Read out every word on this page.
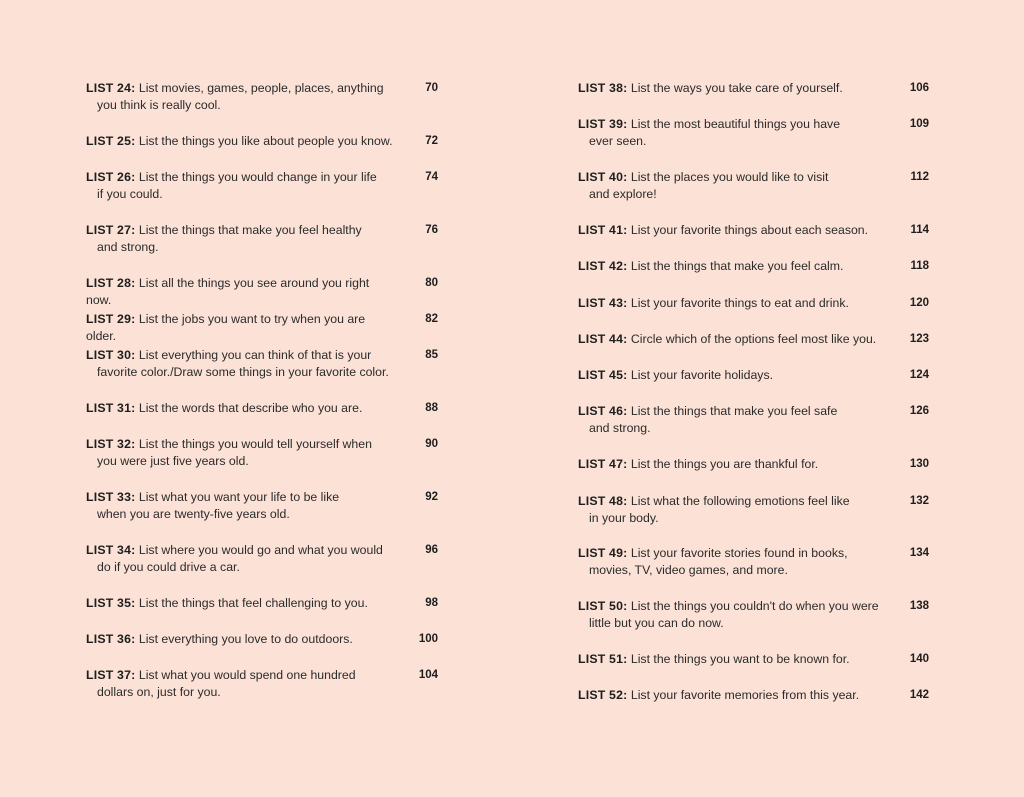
LIST 24: List movies, games, people, places, anything
you think is really cool.
70
LIST 25: List the things you like about people you know.	72
LIST 26: List the things you would change in your life
if you could.
74
LIST 27: List the things that make you feel healthy
and strong.
76
LIST 28: List all the things you see around you right now.
80
LIST 29: List the jobs you want to try when you are older.
82
LIST 30: List everything you can think of that is your
favorite color./Draw some things in your favorite color.
85
LIST 31: List the words that describe who you are.	88
LIST 32: List the things you would tell yourself when
you were just five years old.
90
LIST 33: List what you want your life to be like
when you are twenty-five years old.
92
LIST 34: List where you would go and what you would
do if you could drive a car.
96
LIST 35: List the things that feel challenging to you.	98
LIST 36: List everything you love to do outdoors.	100
LIST 37: List what you would spend one hundred
dollars on, just for you.
104
LIST 38: List the ways you take care of yourself.	106
LIST 39: List the most beautiful things you have
ever seen.
109
LIST 40: List the places you would like to visit
and explore!
112
LIST 41: List your favorite things about each season.	114
LIST 42: List the things that make you feel calm.	118
LIST 43: List your favorite things to eat and drink.	120
LIST 44: Circle which of the options feel most like you.	123
LIST 45: List your favorite holidays.	124
LIST 46: List the things that make you feel safe
and strong.
126
LIST 47: List the things you are thankful for.	130
LIST 48: List what the following emotions feel like
in your body.
132
LIST 49: List your favorite stories found in books,
movies, TV, video games, and more.
134
LIST 50: List the things you couldn't do when you were
little but you can do now.
138
LIST 51: List the things you want to be known for.	140
LIST 52: List your favorite memories from this year.	142
